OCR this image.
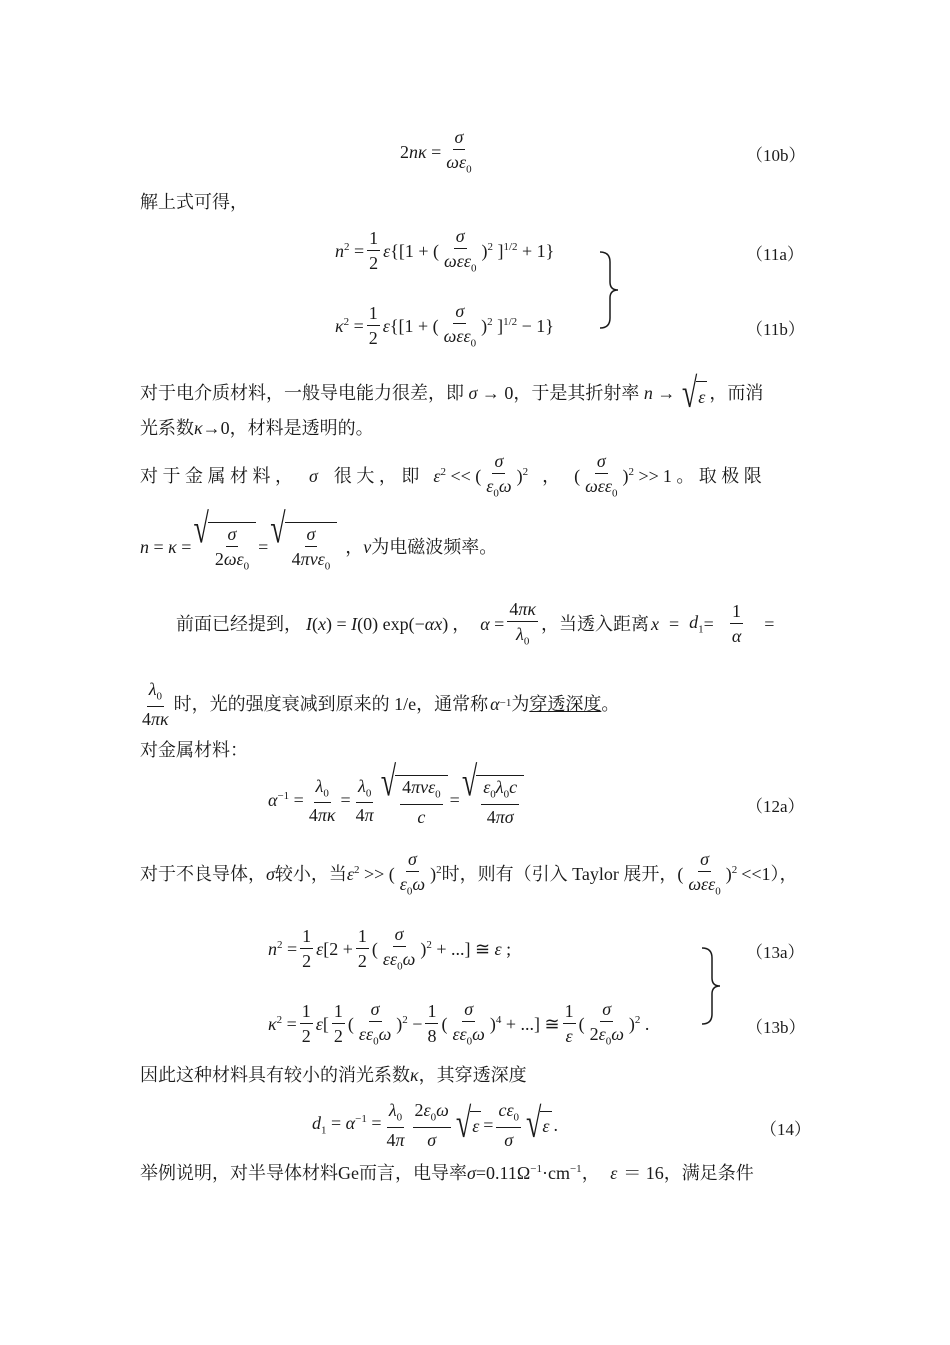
$2n\kappa = \frac{\sigma}{\omega\varepsilon_0}$	（10b）
解上式可得，
$n^2 = \frac{1}{2} \varepsilon\{[1$ + ( $\frac{\sigma}{\omega\varepsilon\varepsilon_0} )^2$ ]$^{1/2}$ + 1}	（11a）
$\kappa^2 = \frac{1}{2} \varepsilon\{[1$ + ( $\frac{\sigma}{\omega\varepsilon\varepsilon_0} )^2$ ]$^{1/2}$ − 1}	（11b）
对于电介质材料，一般导电能力很差，即 σ → 0，于是其折射率 n → √ ε ，而消
光系数κ→0，材料是透明的。
对 于 金 属 材 料 ， σ 很 大 ， 即 $\varepsilon^2$ << ( $\frac{\sigma}{\varepsilon_0\omega} )^2$ ， ( $\frac{\sigma}{\omega\varepsilon\varepsilon_0} )^2 >> 1$ 。 取 极 限
n = κ = √ $\frac{\sigma}{2\omega\varepsilon_0}$ = √ $\frac{\sigma}{4\pi\nu\varepsilon_0}$ ，ν 为电磁波频率。
前面已经提到， I(x) = I(0) exp(−αx) ， $\alpha = \frac{4\pi\kappa}{\lambda_0}$ ，当透入距离 $x = d_1 = \frac{1}{\alpha}$ =
$\frac{\lambda_0}{4\pi\kappa}$ 时，光的强度衰减到原来的 1/e，通常称 α −1 为 穿透深度 。
对金属材料：
$\alpha^{-1} = \frac{\lambda_0}{4\pi\kappa} = \frac{\lambda_0}{4\pi}$ √ $\frac{4\pi\nu\varepsilon_0}{c}$ = √ $\frac{\varepsilon_0\lambda_0c}{4\pi\sigma}$	（12a）
对于不良导体， σ 较小，当 $\varepsilon^2$ >> ( $\frac{\sigma}{\varepsilon_0\omega} )^2$ 时，则有（引入 Taylor 展开， ( $\frac{\sigma}{\omega\varepsilon\varepsilon_0} )^2 <<1$），
$n^2 = \frac{1}{2} \varepsilon[2 + \frac{1}{2}$ ( $\frac{\sigma}{\varepsilon\varepsilon_0\omega} )^2$ + ...] ≅ ε ;	（13a）
$\kappa^2 = \frac{1}{2} \varepsilon[ \frac{1}{2}$ ( $\frac{\sigma}{\varepsilon\varepsilon_0\omega} )^2 - \frac{1}{8}$ ( $\frac{\sigma}{\varepsilon\varepsilon_0\omega} )^4$ + ...] ≅ $\frac{1}{\varepsilon}$ ( $\frac{\sigma}{2\varepsilon_0\omega} )^2$ .	（13b）
因此这种材料具有较小的消光系数κ，其穿透深度
$d_1 = \alpha^{-1} = \frac{\lambda_0}{4\pi} \frac{2\varepsilon_0\omega}{\sigma}$ √ $\varepsilon = \frac{c\varepsilon_0}{\sigma}$ √ ε .	（14）
举例说明，对半导体材料Ge而言，电导率$\sigma=0.11\Omega^{-1}\cdot cm^{-1}$， ε ＝ 16，满足条件
